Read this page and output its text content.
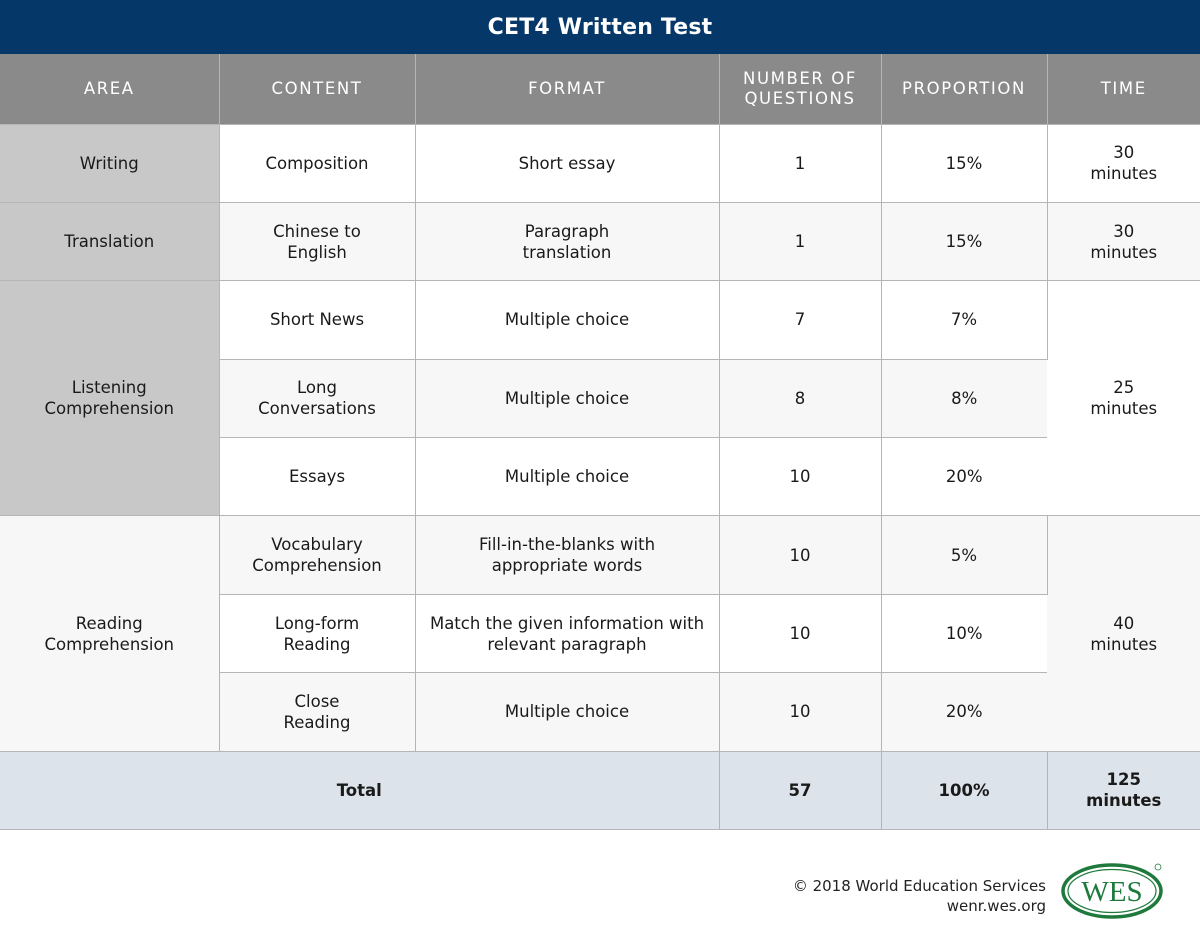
CET4 Written Test
AREA	CONTENT	FORMAT	NUMBER OF QUESTIONS	PROPORTION	TIME
Writing	Composition	Short essay	1	15%	30 minutes
Translation	Chinese to English	Paragraph translation	1	15%	30 minutes
Listening Comprehension	Short News	Multiple choice	7	7%	25 minutes
	Long Conversations	Multiple choice	8	8%	
	Essays	Multiple choice	10	20%	
Reading Comprehension	Vocabulary Comprehension	Fill-in-the-blanks with appropriate words	10	5%	40 minutes
	Long-form Reading	Match the given information with relevant paragraph	10	10%	
	Close Reading	Multiple choice	10	20%	
Total			57	100%	125 minutes
© 2018 World Education Services
wenr.wes.org WES
